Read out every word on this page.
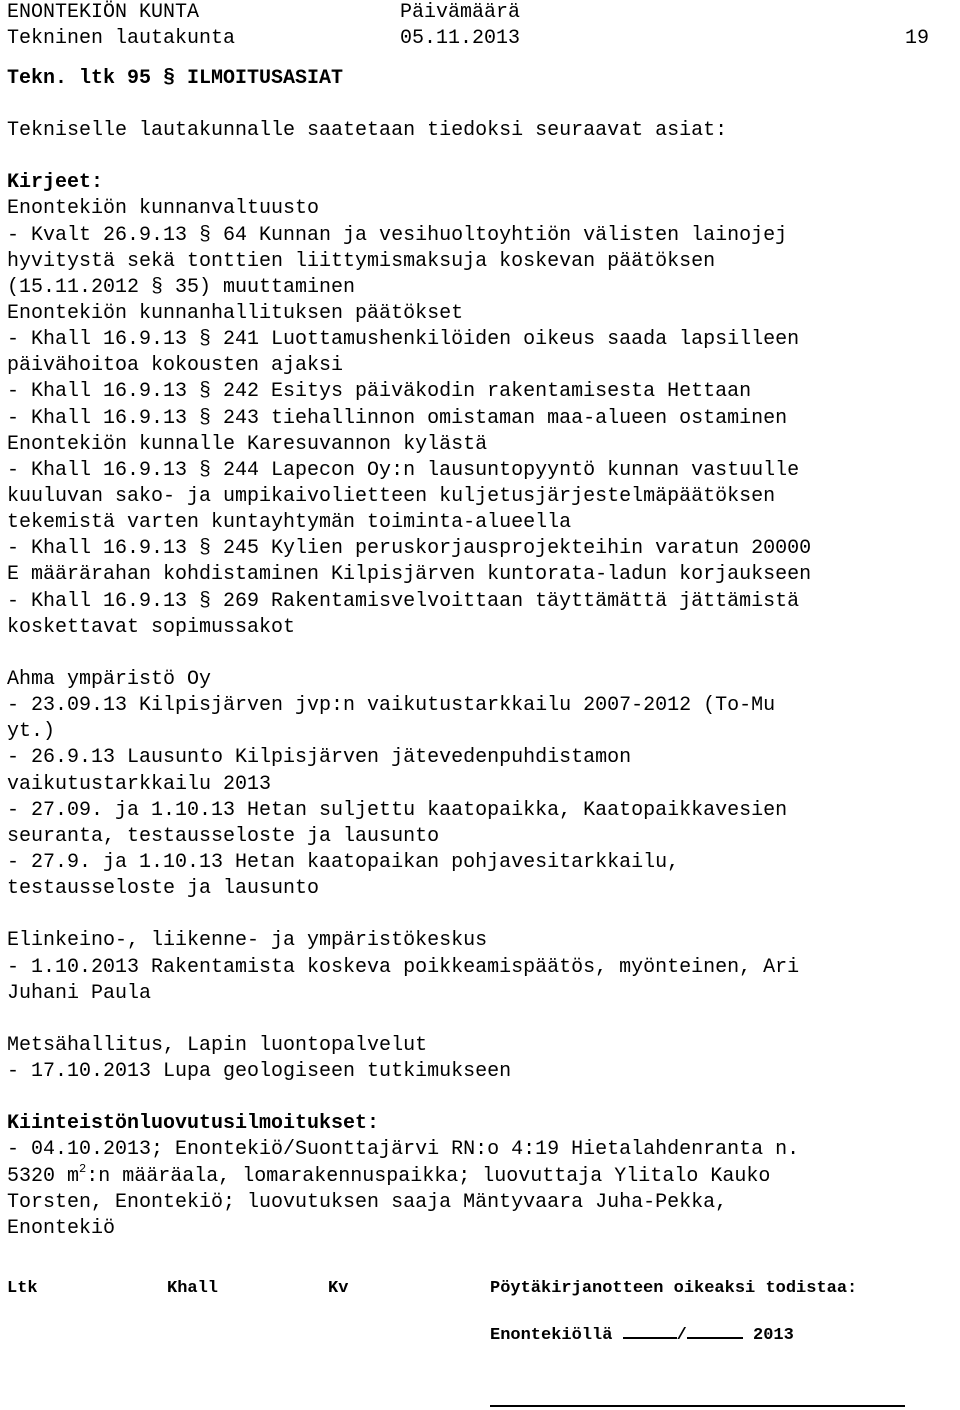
ENONTEKIÖN KUNTA

	Päivämäärä

Tekninen lautakunta

	05.11.2013

	19

Tekn. ltk 95 § ILMOITUSASIAT
Tekniselle lautakunnalle saatetaan tiedoksi seuraavat asiat:
Kirjeet:
Enontekiön kunnanvaltuusto
- Kvalt 26.9.13 § 64 Kunnan ja vesihuoltoyhtiön välisten lainojej
hyvitystä sekä tonttien liittymismaksuja koskevan päätöksen
(15.11.2012 § 35) muuttaminen
Enontekiön kunnanhallituksen päätökset
- Khall 16.9.13 § 241 Luottamushenkilöiden oikeus saada lapsilleen
päivähoitoa kokousten ajaksi
- Khall 16.9.13 § 242 Esitys päiväkodin rakentamisesta Hettaan
- Khall 16.9.13 § 243 tiehallinnon omistaman maa-alueen ostaminen
Enontekiön kunnalle Karesuvannon kylästä
- Khall 16.9.13 § 244 Lapecon Oy:n lausuntopyyntö kunnan vastuulle
kuuluvan sako- ja umpikaivolietteen kuljetusjärjestelmäpäätöksen
tekemistä varten kuntayhtymän toiminta-alueella
- Khall 16.9.13 § 245 Kylien peruskorjausprojekteihin varatun 20000
E määrärahan kohdistaminen Kilpisjärven kuntorata-ladun korjaukseen
- Khall 16.9.13 § 269 Rakentamisvelvoittaan täyttämättä jättämistä
koskettavat sopimussakot
Ahma ympäristö Oy
- 23.09.13 Kilpisjärven jvp:n vaikutustarkkailu 2007-2012 (To-Mu
yt.)
- 26.9.13 Lausunto Kilpisjärven jätevedenpuhdistamon
vaikutustarkkailu 2013
- 27.09. ja 1.10.13 Hetan suljettu kaatopaikka, Kaatopaikkavesien
seuranta, testausseloste ja lausunto
- 27.9. ja 1.10.13 Hetan kaatopaikan pohjavesitarkkailu,
testausseloste ja lausunto
Elinkeino-, liikenne- ja ympäristökeskus
- 1.10.2013 Rakentamista koskeva poikkeamispäätös, myönteinen, Ari
Juhani Paula
Metsähallitus, Lapin luontopalvelut
- 17.10.2013 Lupa geologiseen tutkimukseen
Kiinteistönluovutusilmoitukset:
- 04.10.2013; Enontekiö/Suonttajärvi RN:o 4:19 Hietalahdenranta n.
5320 $m^2:n$ määräala, lomarakennuspaikka; luovuttaja Ylitalo Kauko
Torsten, Enontekiö; luovutuksen saaja Mäntyvaara Juha-Pekka,
Enontekiö

Ltk

	Khall

	Kv

	Pöytäkirjanotteen oikeaksi todistaa:

Enontekiöllä	/	2013
